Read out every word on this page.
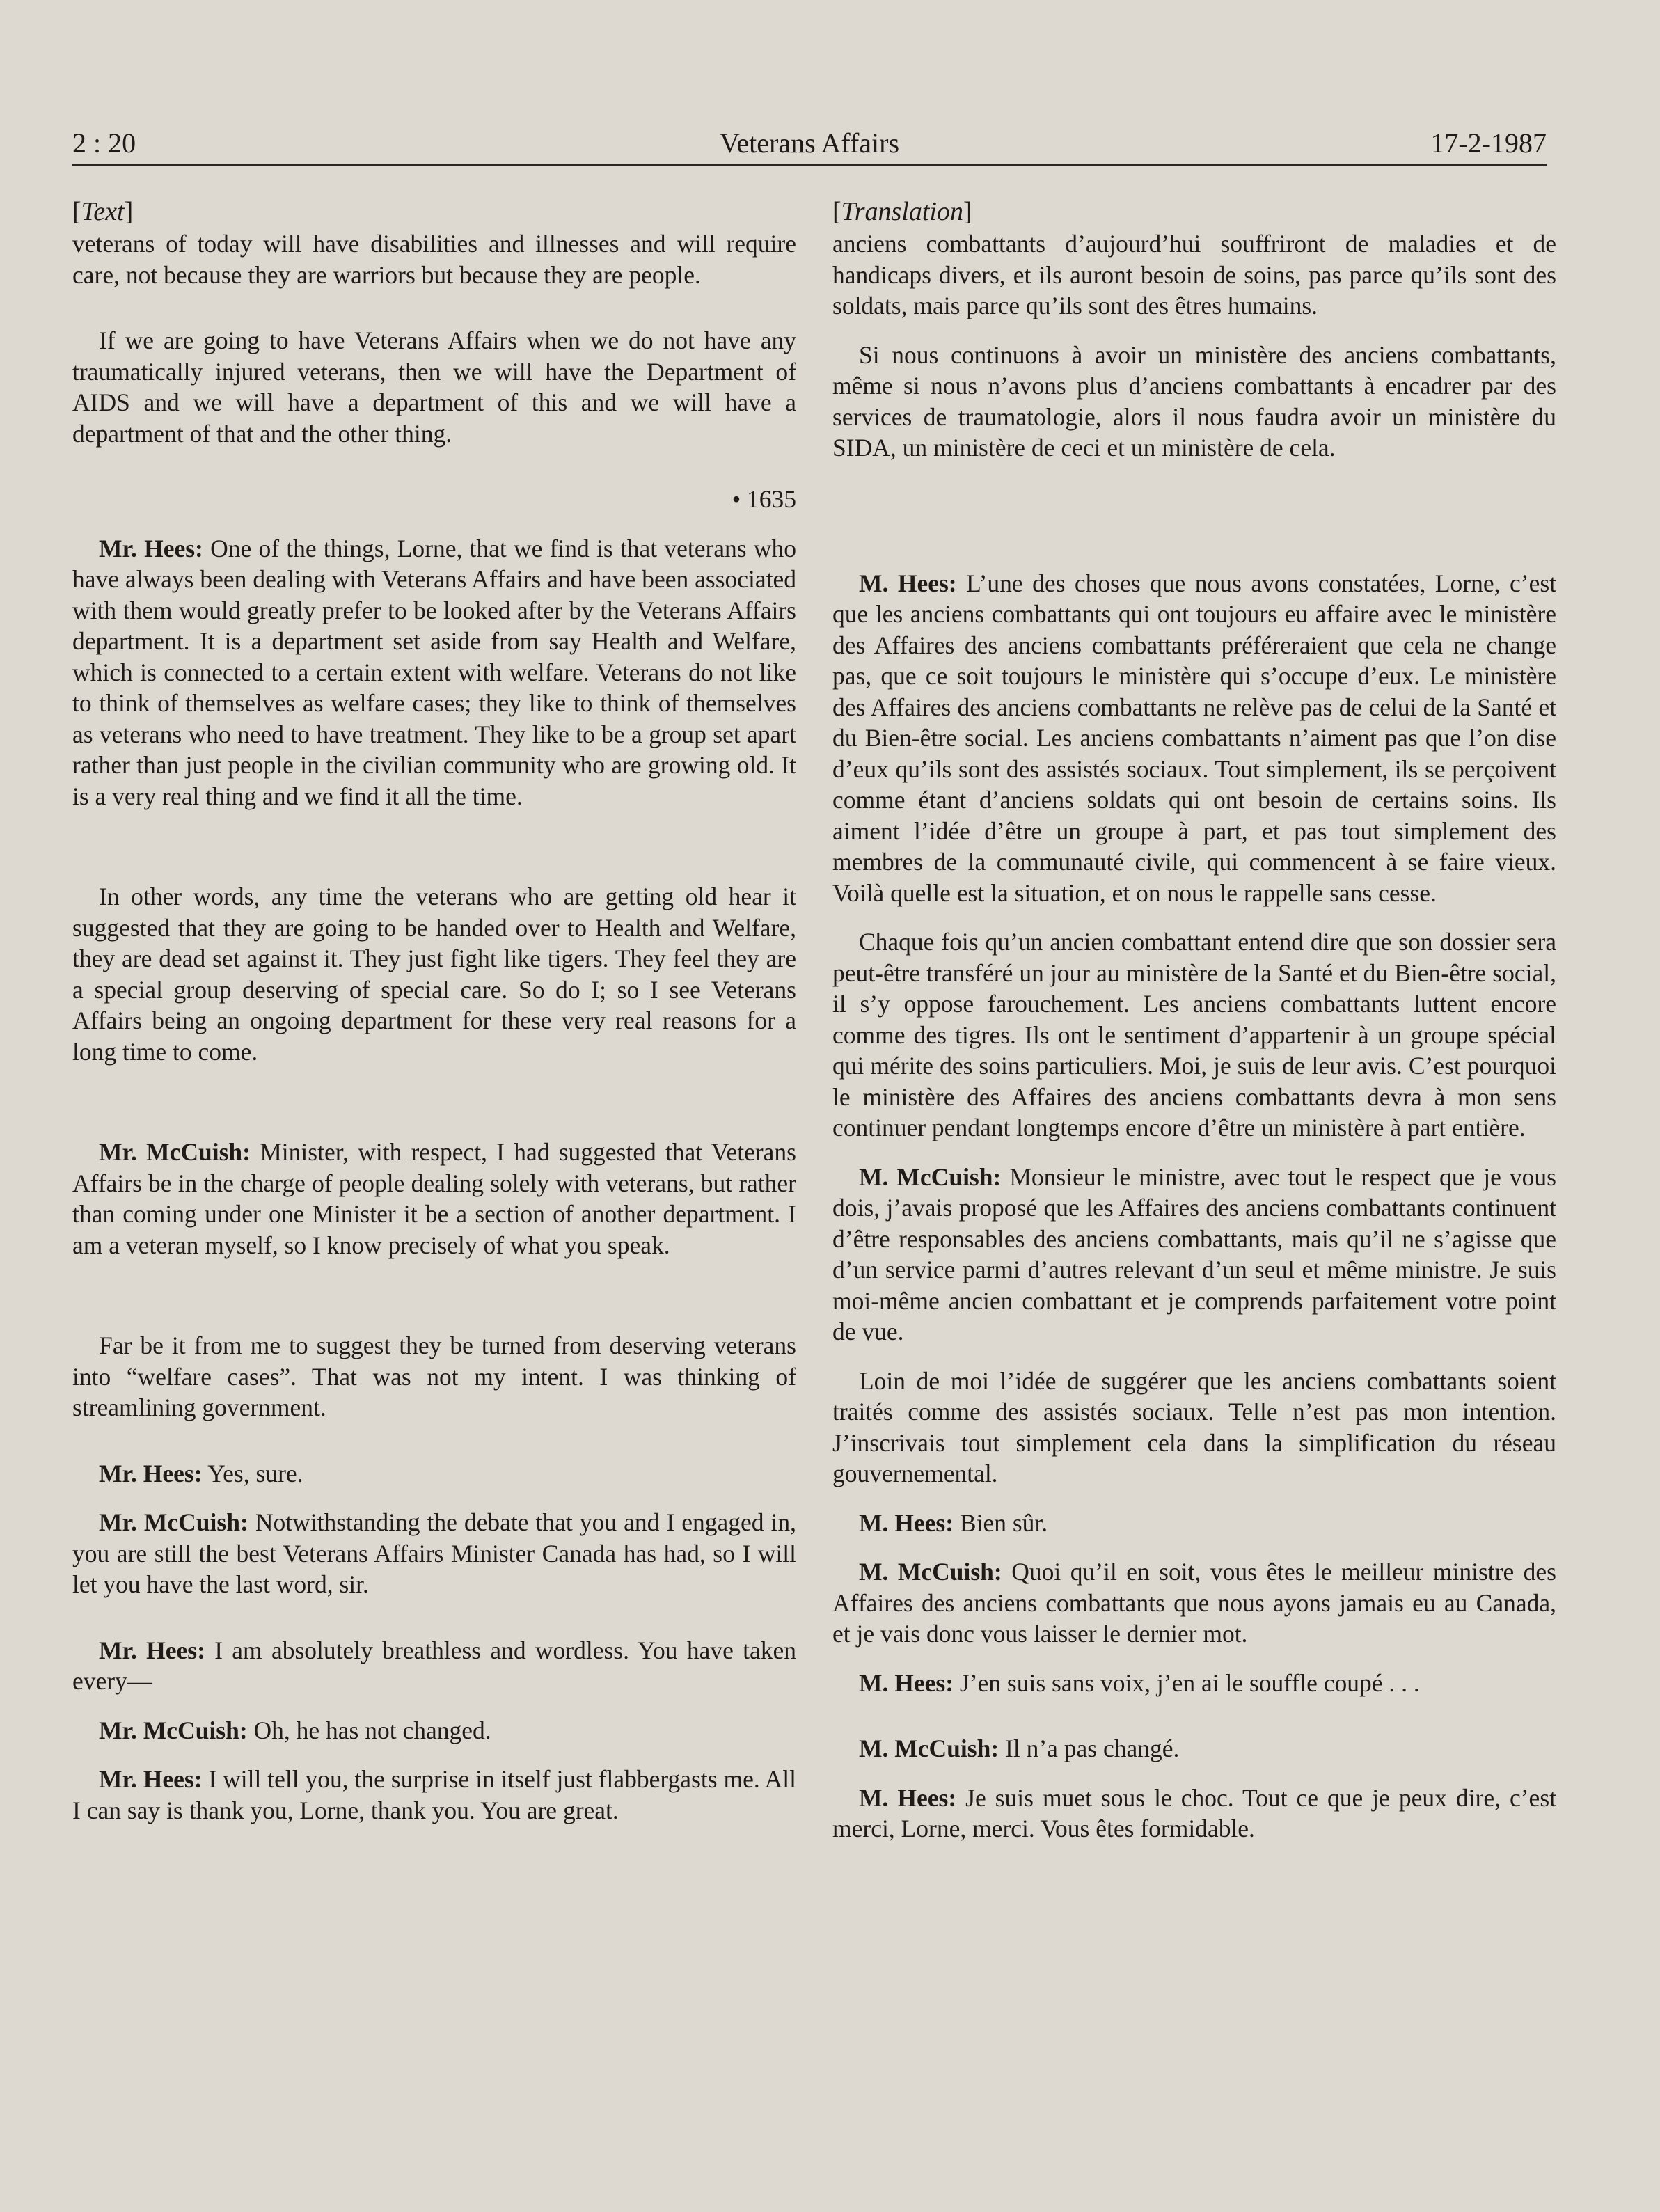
2 : 20	Veterans Affairs	17-2-1987
[Text]

veterans of today will have disabilities and illnesses and will require care, not because they are warriors but because they are people.

If we are going to have Veterans Affairs when we do not have any traumatically injured veterans, then we will have the Department of AIDS and we will have a department of this and we will have a department of that and the other thing.

• 1635

Mr. Hees: One of the things, Lorne, that we find is that veterans who have always been dealing with Veterans Affairs and have been associated with them would greatly prefer to be looked after by the Veterans Affairs department. It is a department set aside from say Health and Welfare, which is connected to a certain extent with welfare. Veterans do not like to think of themselves as welfare cases; they like to think of themselves as veterans who need to have treatment. They like to be a group set apart rather than just people in the civilian community who are growing old. It is a very real thing and we find it all the time.

In other words, any time the veterans who are getting old hear it suggested that they are going to be handed over to Health and Welfare, they are dead set against it. They just fight like tigers. They feel they are a special group deserving of special care. So do I; so I see Veterans Affairs being an ongoing department for these very real reasons for a long time to come.

Mr. McCuish: Minister, with respect, I had suggested that Veterans Affairs be in the charge of people dealing solely with veterans, but rather than coming under one Minister it be a section of another department. I am a veteran myself, so I know precisely of what you speak.

Far be it from me to suggest they be turned from deserving veterans into “welfare cases”. That was not my intent. I was thinking of streamlining government.

Mr. Hees: Yes, sure.

Mr. McCuish: Notwithstanding the debate that you and I engaged in, you are still the best Veterans Affairs Minister Canada has had, so I will let you have the last word, sir.

Mr. Hees: I am absolutely breathless and wordless. You have taken every—

Mr. McCuish: Oh, he has not changed.

Mr. Hees: I will tell you, the surprise in itself just flabbergasts me. All I can say is thank you, Lorne, thank you. You are great.

[Translation]

anciens combattants d’aujourd’hui souffriront de maladies et de handicaps divers, et ils auront besoin de soins, pas parce qu’ils sont des soldats, mais parce qu’ils sont des êtres humains.

Si nous continuons à avoir un ministère des anciens combattants, même si nous n’avons plus d’anciens combattants à encadrer par des services de traumatologie, alors il nous faudra avoir un ministère du SIDA, un ministère de ceci et un ministère de cela.

M. Hees: L’une des choses que nous avons constatées, Lorne, c’est que les anciens combattants qui ont toujours eu affaire avec le ministère des Affaires des anciens combattants préféreraient que cela ne change pas, que ce soit toujours le ministère qui s’occupe d’eux. Le ministère des Affaires des anciens combattants ne relève pas de celui de la Santé et du Bien-être social. Les anciens combattants n’aiment pas que l’on dise d’eux qu’ils sont des assistés sociaux. Tout simplement, ils se perçoivent comme étant d’anciens soldats qui ont besoin de certains soins. Ils aiment l’idée d’être un groupe à part, et pas tout simplement des membres de la communauté civile, qui commencent à se faire vieux. Voilà quelle est la situation, et on nous le rappelle sans cesse.

Chaque fois qu’un ancien combattant entend dire que son dossier sera peut-être transféré un jour au ministère de la Santé et du Bien-être social, il s’y oppose farouchement. Les anciens combattants luttent encore comme des tigres. Ils ont le sentiment d’appartenir à un groupe spécial qui mérite des soins particuliers. Moi, je suis de leur avis. C’est pourquoi le ministère des Affaires des anciens combattants devra à mon sens continuer pendant longtemps encore d’être un ministère à part entière.

M. McCuish: Monsieur le ministre, avec tout le respect que je vous dois, j’avais proposé que les Affaires des anciens combattants continuent d’être responsables des anciens combattants, mais qu’il ne s’agisse que d’un service parmi d’autres relevant d’un seul et même ministre. Je suis moi-même ancien combattant et je comprends parfaitement votre point de vue.

Loin de moi l’idée de suggérer que les anciens combattants soient traités comme des assistés sociaux. Telle n’est pas mon intention. J’inscrivais tout simplement cela dans la simplification du réseau gouvernemental.

M. Hees: Bien sûr.

M. McCuish: Quoi qu’il en soit, vous êtes le meilleur ministre des Affaires des anciens combattants que nous ayons jamais eu au Canada, et je vais donc vous laisser le dernier mot.

M. Hees: J’en suis sans voix, j’en ai le souffle coupé . . .

M. McCuish: Il n’a pas changé.

M. Hees: Je suis muet sous le choc. Tout ce que je peux dire, c’est merci, Lorne, merci. Vous êtes formidable.
